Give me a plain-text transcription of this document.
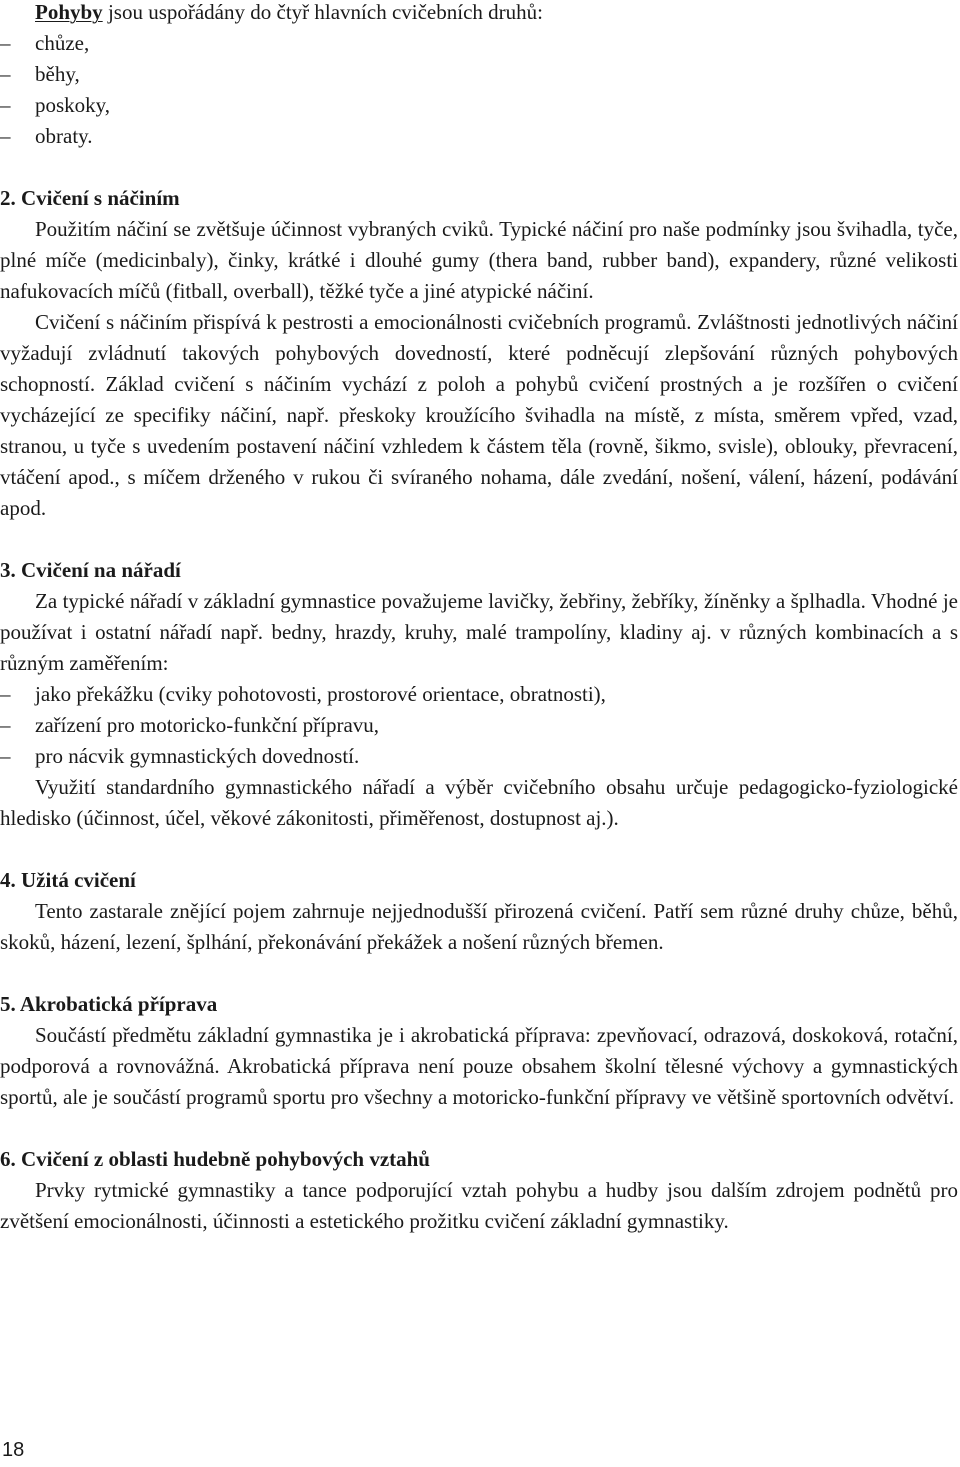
Pohyby jsou uspořádány do čtyř hlavních cvičebních druhů:

–	chůze,
–	běhy,
–	poskoky,
–	obraty.

2. Cvičení s náčiním

Použitím náčiní se zvětšuje účinnost vybraných cviků. Typické náčiní pro naše podmínky jsou švihadla, tyče, plné míče (medicinbaly), činky, krátké i dlouhé gumy (thera band, rubber band), expandery, různé velikosti nafukovacích míčů (fitball, overball), těžké tyče a jiné atypické náčiní.

Cvičení s náčiním přispívá k pestrosti a emocionálnosti cvičebních programů. Zvláštnosti jednotlivých náčiní vyžadují zvládnutí takových pohybových dovedností, které podněcují zlepšování různých pohybových schopností. Základ cvičení s náčiním vychází z poloh a pohybů cvičení prostných a je rozšířen o cvičení vycházející ze specifiky náčiní, např. přeskoky kroužícího švihadla na místě, z místa, směrem vpřed, vzad, stranou, u tyče s uvedením postavení náčiní vzhledem k částem těla (rovně, šikmo, svisle), oblouky, převracení, vtáčení apod., s míčem drženého v rukou či svíraného nohama, dále zvedání, nošení, válení, házení, podávání apod.

3. Cvičení na nářadí

Za typické nářadí v základní gymnastice považujeme lavičky, žebřiny, žebříky, žíněnky a šplhadla. Vhodné je používat i ostatní nářadí např. bedny, hrazdy, kruhy, malé trampolíny, kladiny aj. v různých kombinacích a s různým zaměřením:

–	jako překážku (cviky pohotovosti, prostorové orientace, obratnosti),
–	zařízení pro motoricko-funkční přípravu,
–	pro nácvik gymnastických dovedností.

Využití standardního gymnastického nářadí a výběr cvičebního obsahu určuje pedagogicko-fyziologické hledisko (účinnost, účel, věkové zákonitosti, přiměřenost, dostupnost aj.).

4. Užitá cvičení

Tento zastarale znějící pojem zahrnuje nejjednodušší přirozená cvičení. Patří sem různé druhy chůze, běhů, skoků, házení, lezení, šplhání, překonávání překážek a nošení různých břemen.

5. Akrobatická příprava

Součástí předmětu základní gymnastika je i akrobatická příprava: zpevňovací, odrazová, doskoková, rotační, podporová a rovnovážná. Akrobatická příprava není pouze obsahem školní tělesné výchovy a gymnastických sportů, ale je součástí programů sportu pro všechny a motoricko-funkční přípravy ve většině sportovních odvětví.

6. Cvičení z oblasti hudebně pohybových vztahů

Prvky rytmické gymnastiky a tance podporující vztah pohybu a hudby jsou dalším zdrojem podnětů pro zvětšení emocionálnosti, účinnosti a estetického prožitku cvičení základní gymnastiky.

18
